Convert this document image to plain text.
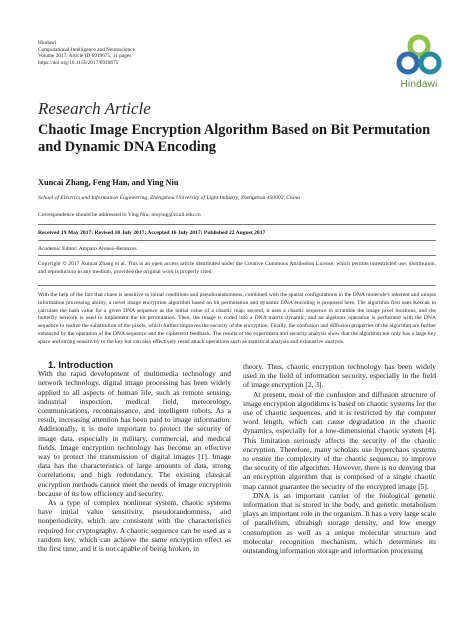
Hindawi
Computational Intelligence and Neuroscience
Volume 2017, Article ID 6919675, 11 pages
https://doi.org/10.1155/2017/6919675
Hindawi
Research Article
Chaotic Image Encryption Algorithm Based on Bit Permutation and Dynamic DNA Encoding
Xuncai Zhang, Feng Han, and Ying Niu
School of Electrics and Information Engineering, Zhengzhou University of Light Industry, Zhengzhou 450002, China
Correspondence should be addressed to Ying Niu; niuying@zzuli.edu.cn
Received 19 May 2017; Revised 10 July 2017; Accepted 16 July 2017; Published 22 August 2017
Academic Editor: Amparo Alonso-Betanzos
Copyright © 2017 Xuncai Zhang et al. This is an open access article distributed under the Creative Commons Attribution License, which permits unrestricted use, distribution, and reproduction in any medium, provided the original work is properly cited.
With the help of the fact that chaos is sensitive to initial conditions and pseudorandomness, combined with the spatial configurations in the DNA molecule's inherent and unique information processing ability, a novel image encryption algorithm based on bit permutation and dynamic DNA encoding is proposed here. The algorithm first uses Keccak to calculate the hash value for a given DNA sequence as the initial value of a chaotic map; second, it uses a chaotic sequence to scramble the image pixel locations, and the butterfly network is used to implement the bit permutation. Then, the image is coded into a DNA matrix dynamic, and an algebraic operation is performed with the DNA sequence to realize the substitution of the pixels, which further improves the security of the encryption. Finally, the confusion and diffusion properties of the algorithm are further enhanced by the operation of the DNA sequence and the ciphertext feedback. The results of the experiment and security analysis show that the algorithm not only has a large key space and strong sensitivity to the key but can also effectively resist attack operations such as statistical analysis and exhaustive analysis.

1. Introduction

With the rapid development of multimedia technology and network technology, digital image processing has been widely applied to all aspects of human life, such as remote sensing, industrial inspection, medical field, meteorology, communications, reconnaissance, and intelligent robots. As a result, increasing attention has been paid to image information. Additionally, it is more important to protect the security of image data, especially in military, commercial, and medical fields. Image encryption technology has become an effective way to protect the transmission of digital images [1]. Image data has the characteristics of large amounts of data, strong correlations, and high redundancy. The existing classical encryption methods cannot meet the needs of image encryption because of its low efficiency and security.

As a type of complex nonlinear system, chaotic systems have initial value sensitivity, pseudorandomness, and nonperiodicity, which are consistent with the characteristics required for cryptography. A chaotic sequence can be used as a random key, which can achieve the same encryption effect as the first time, and it is not capable of being broken, in

theory. Thus, chaotic encryption technology has been widely used in the field of information security, especially in the field of image encryption [2, 3].

At present, most of the confusion and diffusion structure of image encryption algorithms is based on chaotic systems for the use of chaotic sequences, and it is restricted by the computer word length, which can cause degradation in the chaotic dynamics, especially for a low-dimensional chaotic system [4]. This limitation seriously affects the security of the chaotic encryption. Therefore, many scholars use hyperchaos systems to ensure the complexity of the chaotic sequence, to improve the security of the algorithm. However, there is no denying that an encryption algorithm that is composed of a single chaotic map cannot guarantee the security of the encrypted image [5].

DNA is an important carrier of the biological genetic information that is stored in the body, and genetic metabolism plays an important role in the organism. It has a very large scale of parallelism, ultrahigh storage density, and low energy consumption as well as a unique molecular structure and molecular recognition mechanism, which determines its outstanding information storage and information processing
